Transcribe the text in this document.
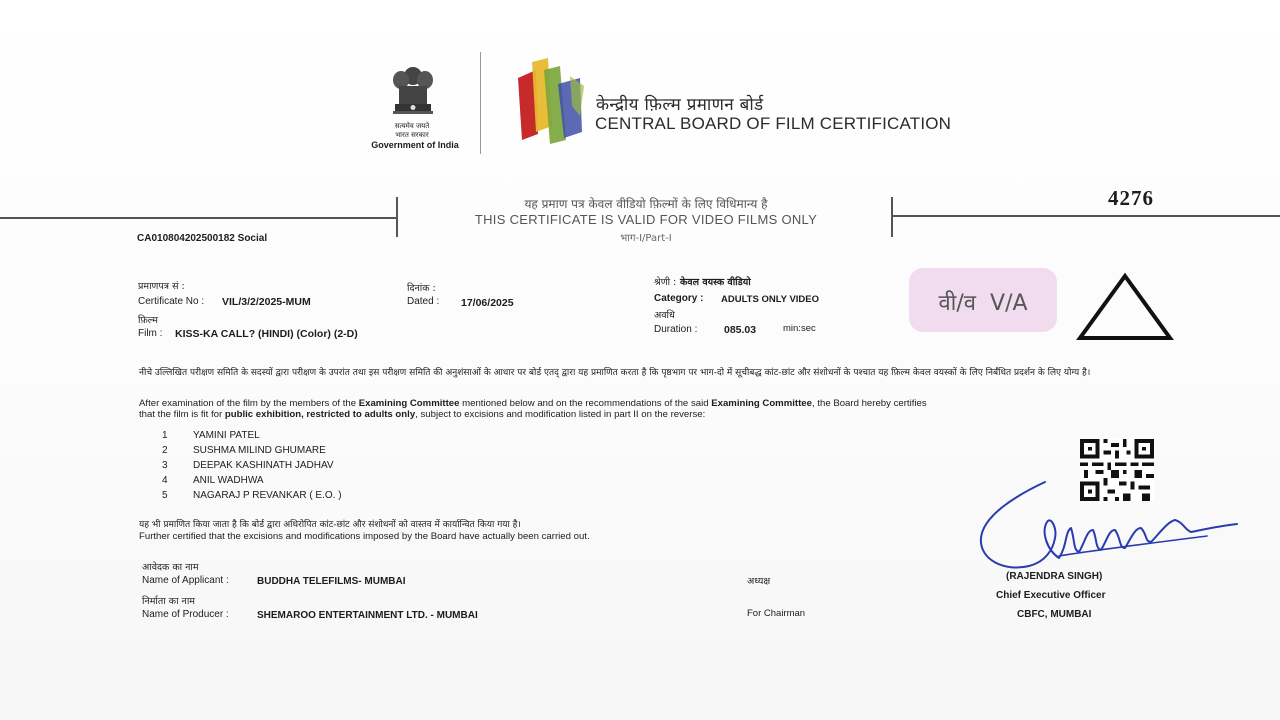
सत्यमेव जयते
भारत सरकार
Government of India
केन्द्रीय फ़िल्म प्रमाणन बोर्ड
CENTRAL BOARD OF FILM CERTIFICATION
यह प्रमाण पत्र केवल वीडियो फ़िल्मों के लिए विधिमान्य है
THIS CERTIFICATE IS VALID FOR VIDEO FILMS ONLY
भाग-I/Part-I
4276
CA010804202500182 Social
प्रमाणपत्र सं :
Certificate No : VIL/3/2/2025-MUM
दिनांक :
Dated : 17/06/2025
फ़िल्म
Film : KISS-KA CALL? (HINDI) (Color) (2-D)
श्रेणी : केवल वयस्क वीडियो
Category : ADULTS ONLY VIDEO
अवधि
Duration :	085.03	min:sec
वी/व  V/A
नीचे उल्लिखित परीक्षण समिति के सदस्यों द्वारा परीक्षण के उपरांत तथा इस परीक्षण समिति की अनुशंसाओं के आधार पर बोर्ड एतद् द्वारा यह प्रमाणित करता है कि पृष्ठभाग पर भाग-दो में सूचीबद्ध कांट-छांट और संशोधनों के पश्चात यह फ़िल्म केवल वयस्कों के लिए निर्बंधित प्रदर्शन के लिए योग्य है।
After examination of the film by the members of the Examining Committee mentioned below and on the recommendations of the said Examining Committee, the Board hereby certifies
that the film is fit for public exhibition, restricted to adults only, subject to excisions and modification listed in part II on the reverse:
1	YAMINI PATEL
2	SUSHMA MILIND GHUMARE
3	DEEPAK KASHINATH JADHAV
4	ANIL WADHWA
5	NAGARAJ P REVANKAR ( E.O. )
यह भी प्रमाणित किया जाता है कि बोर्ड द्वारा अधिरोपित कांट-छांट और संशोधनों को वास्तव में कार्यान्वित किया गया है।
Further certified that the excisions and modifications imposed by the Board have actually been carried out.
आवेदक का नाम
Name of Applicant :	BUDDHA TELEFILMS- MUMBAI
निर्माता का नाम
Name of Producer :	SHEMAROO ENTERTAINMENT LTD. - MUMBAI
अध्यक्ष
For Chairman
(RAJENDRA SINGH)
Chief Executive Officer
CBFC, MUMBAI
